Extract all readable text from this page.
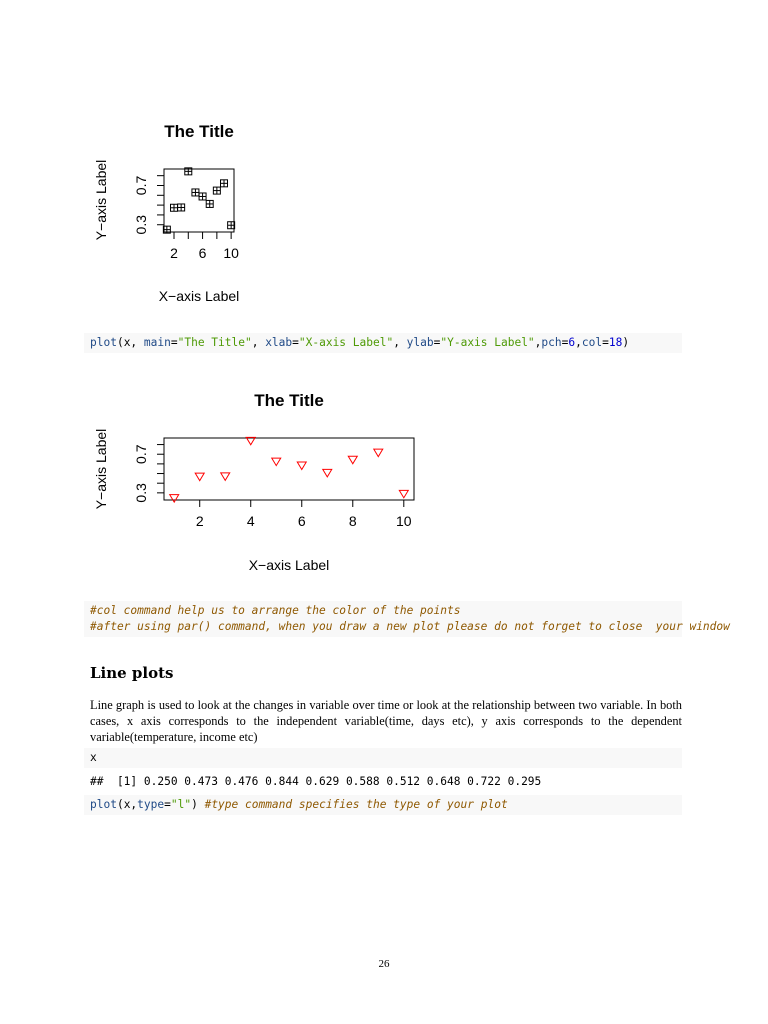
The Title
2 6 10
0.3
0.7
X−axis Label
Y−axis Label
plot(x, main="The Title", xlab="X-axis Label", ylab="Y-axis Label",pch=6,col=18)
The Title
2	4	6	8	10
0.3
0.7
X−axis Label
Y−axis Label
#col command help us to arrange the color of the points
#after using par() command, when you draw a new plot please do not forget to close  your window
Line plots
Line graph is used to look at the changes in variable over time or look at the relationship between two variable. In both cases, x axis corresponds to the independent variable(time, days etc), y axis corresponds to the dependent variable(temperature, income etc)
x
##  [1] 0.250 0.473 0.476 0.844 0.629 0.588 0.512 0.648 0.722 0.295
plot(x,type="l") #type command specifies the type of your plot
26
